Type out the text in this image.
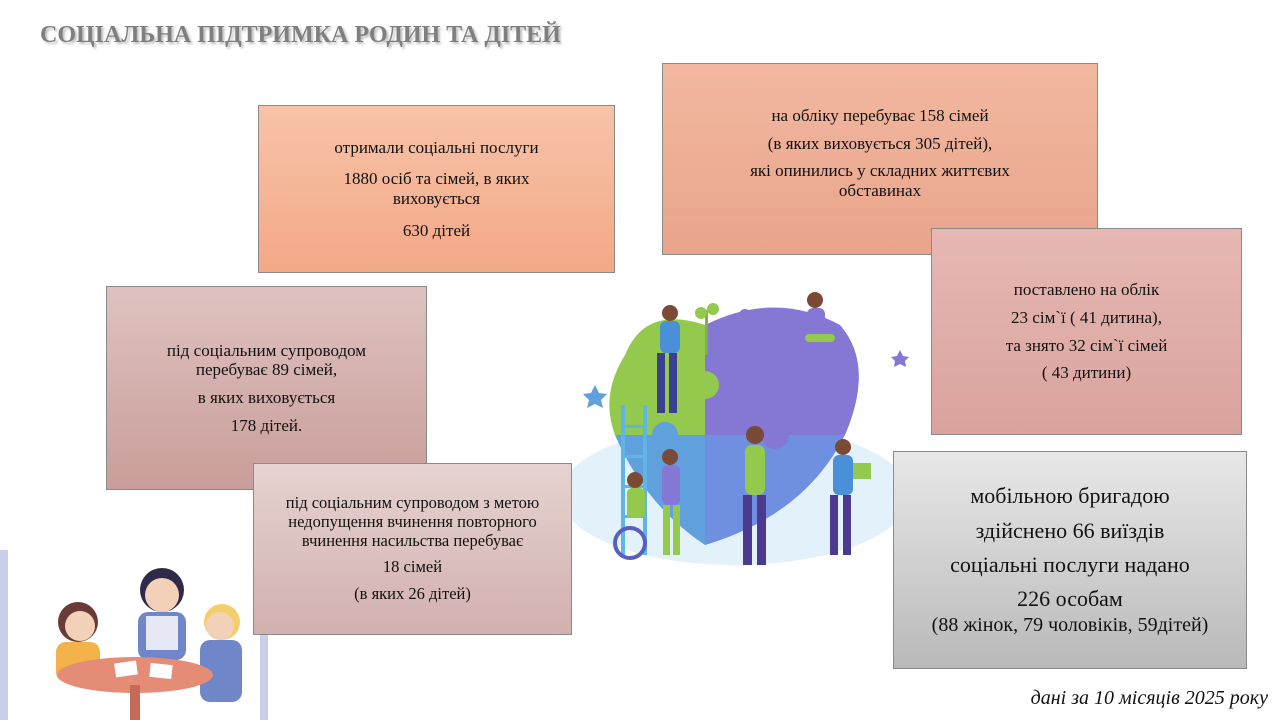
СОЦІАЛЬНА ПІДТРИМКА РОДИН ТА ДІТЕЙ

отримали соціальні послуги

1880 осіб та сімей, в яких виховується

630 дітей

на обліку перебуває 158 сімей

(в яких виховується 305 дітей),

які опинились у складних життєвих обставинах

поставлено на облік

23 сім`ї ( 41 дитина),

та знято 32 сім`ї сімей

( 43 дитини)

під соціальним супроводом перебуває 89 сімей,

в яких виховується

178 дітей.

під соціальним супроводом з метою недопущення вчинення повторного вчинення насильства перебуває

18 сімей

(в яких 26 дітей)

мобільною бригадою

здійснено 66 виїздів

соціальні послуги надано

226 особам

(88 жінок, 79 чоловіків, 59дітей)

дані за 10 місяців 2025 року
